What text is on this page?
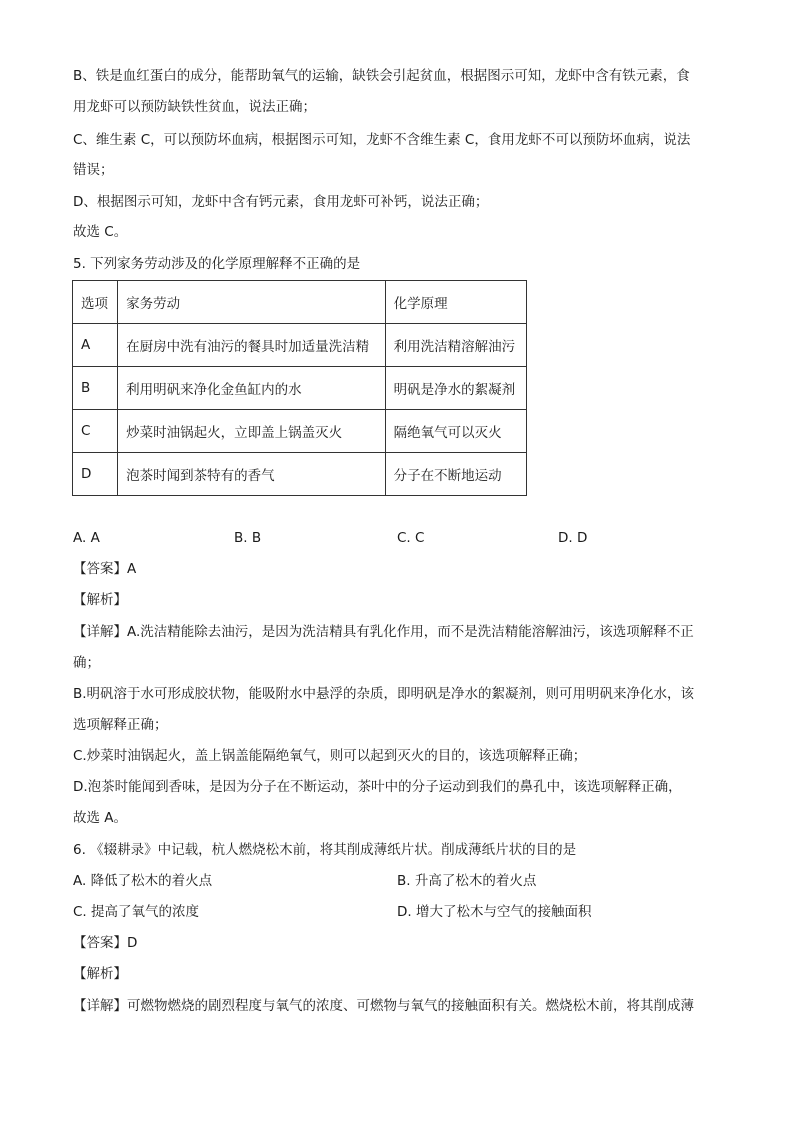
B、铁是血红蛋白的成分，能帮助氧气的运输，缺铁会引起贫血，根据图示可知，龙虾中含有铁元素，食
用龙虾可以预防缺铁性贫血，说法正确；
C、维生素 C，可以预防坏血病，根据图示可知，龙虾不含维生素 C，食用龙虾不可以预防坏血病，说法
错误；
D、根据图示可知，龙虾中含有钙元素，食用龙虾可补钙，说法正确；
故选 C。
5. 下列家务劳动涉及的化学原理解释不正确的是
选项	家务劳动	化学原理
A	在厨房中洗有油污的餐具时加适量洗洁精	利用洗洁精溶解油污
B	利用明矾来净化金鱼缸内的水	明矾是净水的絮凝剂
C	炒菜时油锅起火，立即盖上锅盖灭火	隔绝氧气可以灭火
D	泡茶时闻到茶特有的香气	分子在不断地运动
A. A	B. B	C. C	D. D
【答案】A
【解析】
【详解】A.洗洁精能除去油污，是因为洗洁精具有乳化作用，而不是洗洁精能溶解油污，该选项解释不正
确；
B.明矾溶于水可形成胶状物，能吸附水中悬浮的杂质，即明矾是净水的絮凝剂，则可用明矾来净化水，该
选项解释正确；
C.炒菜时油锅起火，盖上锅盖能隔绝氧气，则可以起到灭火的目的，该选项解释正确；
D.泡茶时能闻到香味，是因为分子在不断运动，茶叶中的分子运动到我们的鼻孔中，该选项解释正确，
故选 A。
6. 《辍耕录》中记载，杭人燃烧松木前，将其削成薄纸片状。削成薄纸片状的目的是
A. 降低了松木的着火点	B. 升高了松木的着火点
C. 提高了氧气的浓度	D. 增大了松木与空气的接触面积
【答案】D
【解析】
【详解】可燃物燃烧的剧烈程度与氧气的浓度、可燃物与氧气的接触面积有关。燃烧松木前，将其削成薄
